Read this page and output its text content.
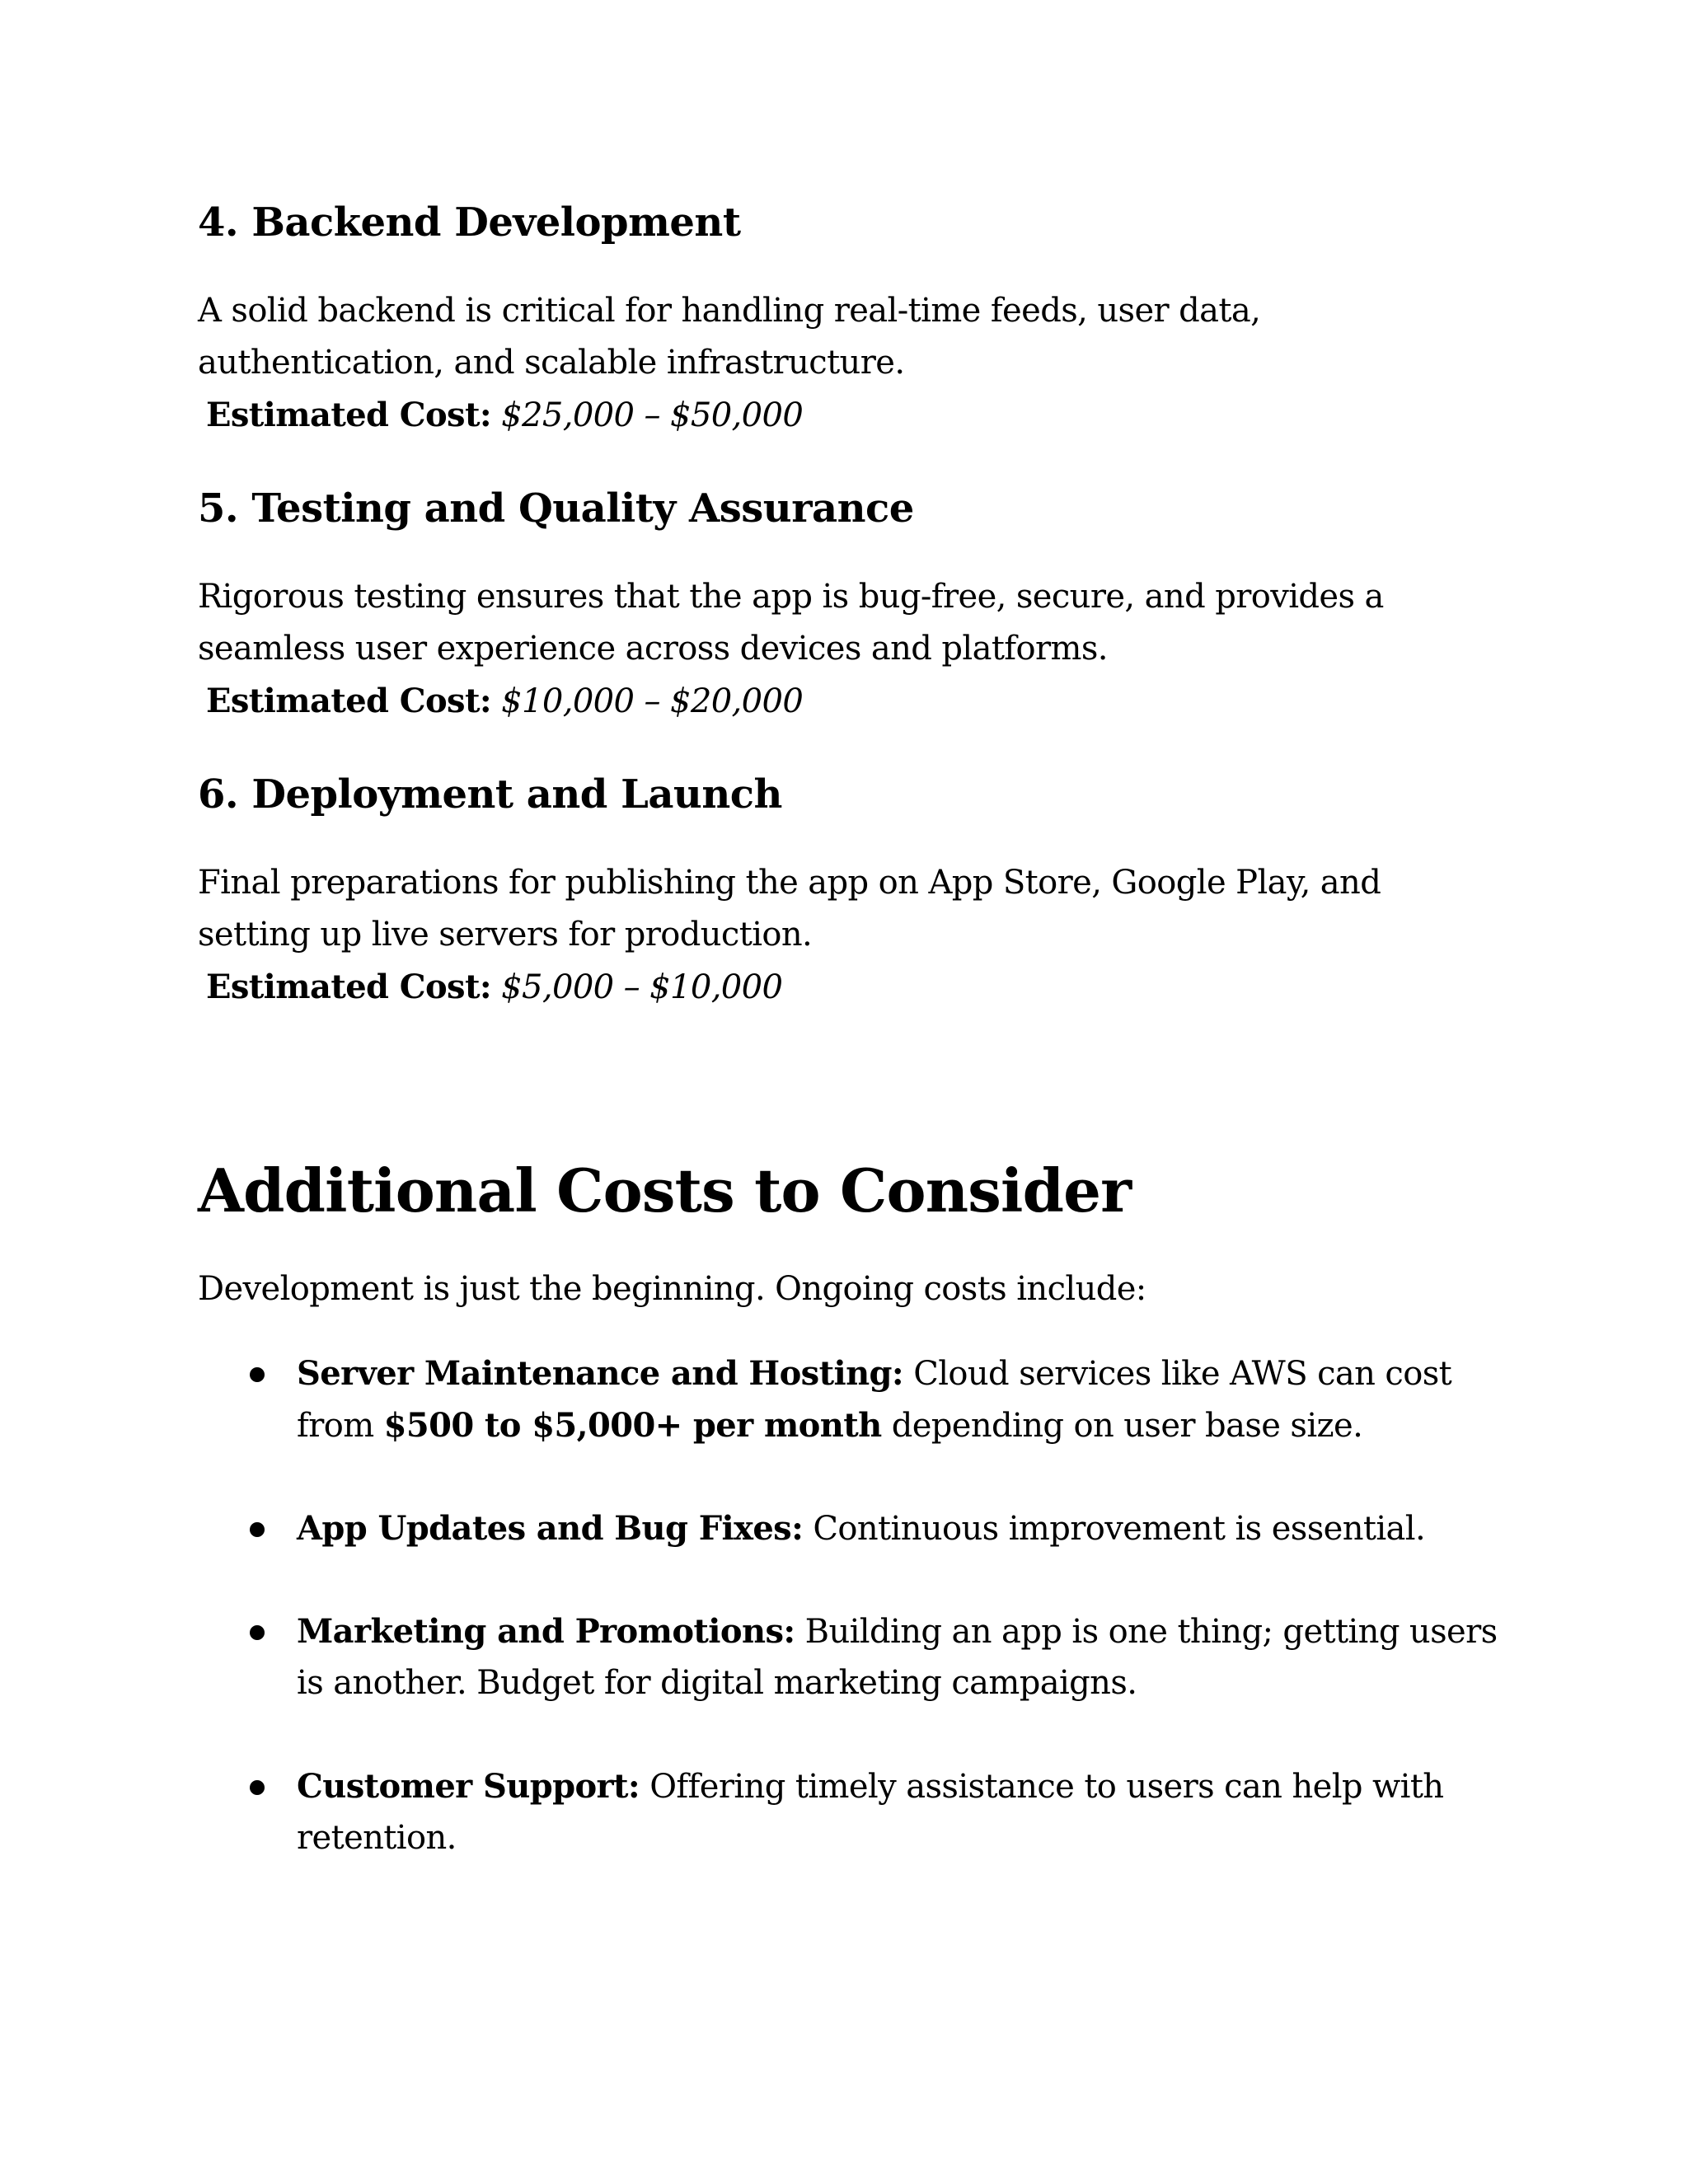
4. Backend Development

A solid backend is critical for handling real-time feeds, user data,

authentication, and scalable infrastructure.

Estimated Cost: $25,000 – $50,000

5. Testing and Quality Assurance

Rigorous testing ensures that the app is bug-free, secure, and provides a

seamless user experience across devices and platforms.

Estimated Cost: $10,000 – $20,000

6. Deployment and Launch

Final preparations for publishing the app on App Store, Google Play, and

setting up live servers for production.

Estimated Cost: $5,000 – $10,000

Additional Costs to Consider

Development is just the beginning. Ongoing costs include:

Server Maintenance and Hosting: Cloud services like AWS can cost

from $500 to $5,000+ per month depending on user base size.

App Updates and Bug Fixes: Continuous improvement is essential.

Marketing and Promotions: Building an app is one thing; getting users

is another. Budget for digital marketing campaigns.

Customer Support: Offering timely assistance to users can help with

retention.
